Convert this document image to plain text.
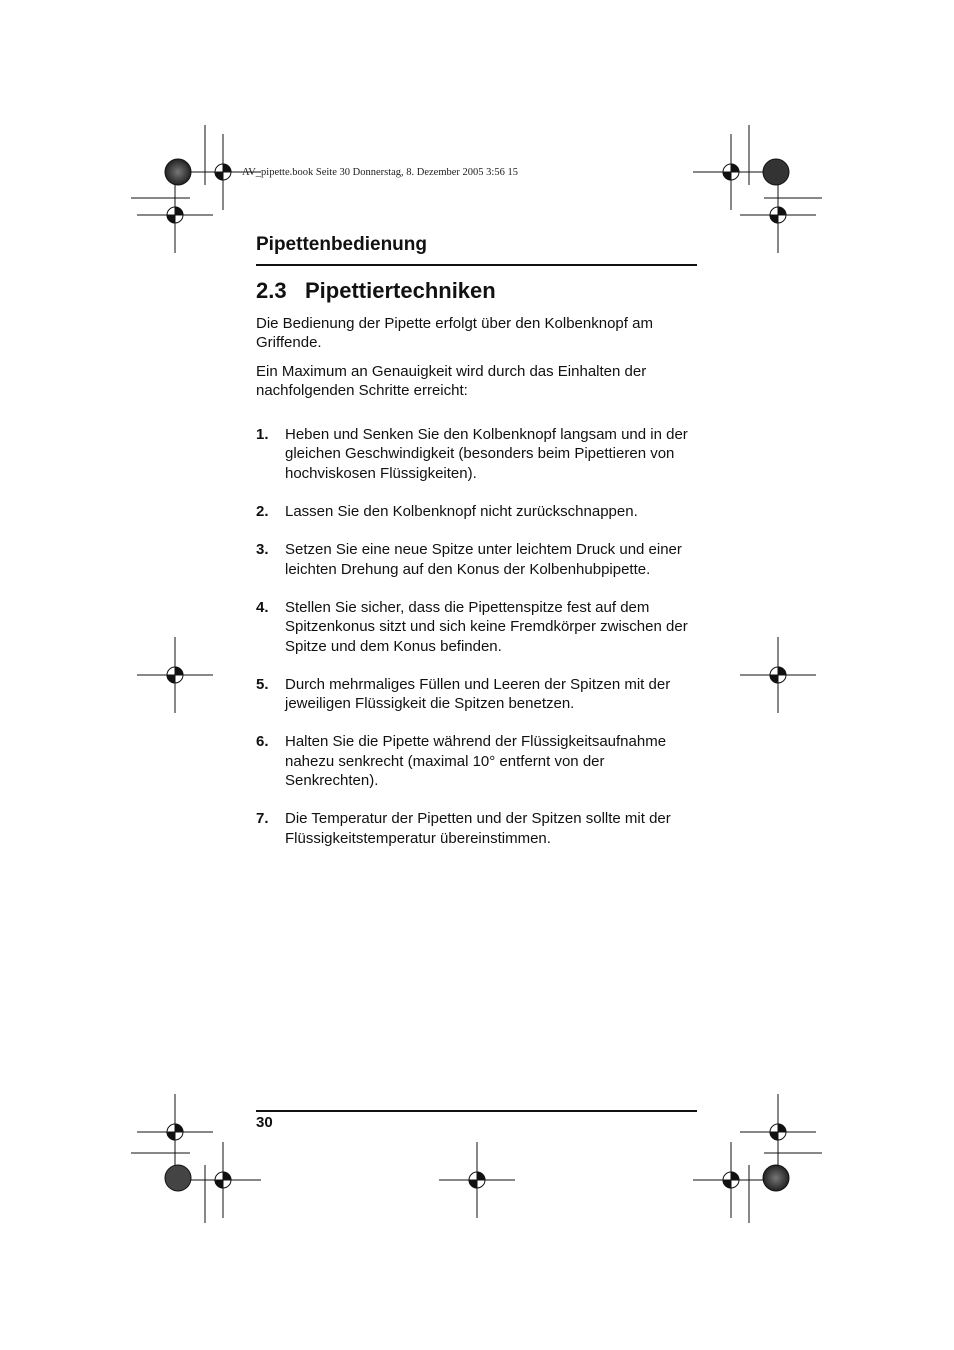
AV_pipette.book Seite 30 Donnerstag, 8. Dezember 2005 3:56 15
Pipettenbedienung
2.3 Pipettiertechniken

Die Bedienung der Pipette erfolgt über den Kolbenknopf am Griffende.

Ein Maximum an Genauigkeit wird durch das Einhalten der nachfolgenden Schritte erreicht:

1.	Heben und Senken Sie den Kolbenknopf langsam und in der gleichen Geschwindigkeit (besonders beim Pipettieren von hochviskosen Flüssigkeiten).
2.	Lassen Sie den Kolbenknopf nicht zurückschnappen.
3.	Setzen Sie eine neue Spitze unter leichtem Druck und einer leichten Drehung auf den Konus der Kolbenhubpipette.
4.	Stellen Sie sicher, dass die Pipettenspitze fest auf dem Spitzenkonus sitzt und sich keine Fremdkörper zwischen der Spitze und dem Konus befinden.
5.	Durch mehrmaliges Füllen und Leeren der Spitzen mit der jeweiligen Flüssigkeit die Spitzen benetzen.
6.	Halten Sie die Pipette während der Flüssigkeitsaufnahme nahezu senkrecht (maximal 10° entfernt von der Senkrechten).
7.	Die Temperatur der Pipetten und der Spitzen sollte mit der Flüssigkeitstemperatur übereinstimmen.
30
